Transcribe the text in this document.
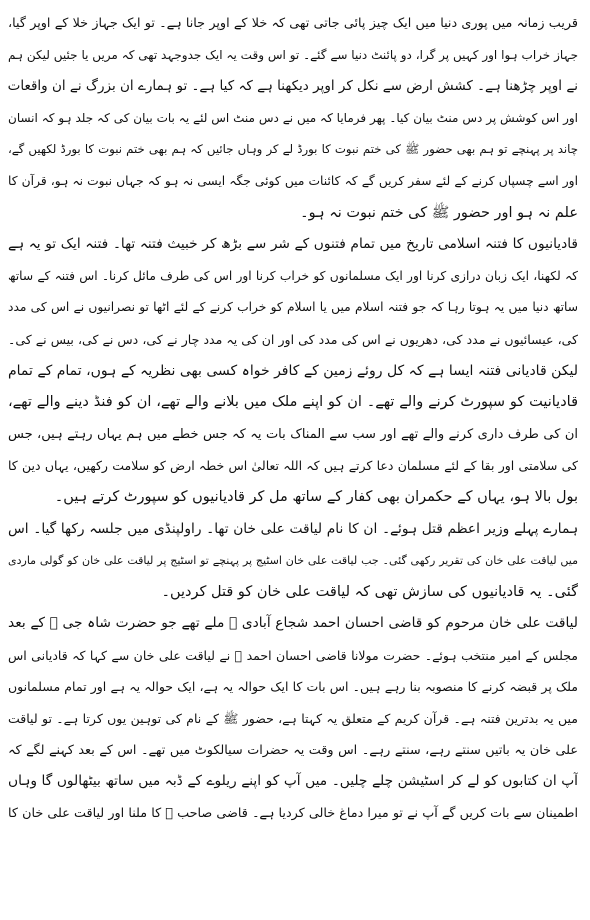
قریب زمانہ میں پوری دنیا میں ایک چیز پائی جاتی تھی کہ خلا کے اوپر جانا ہے۔ تو ایک جہاز خلا کے اوپر گیا،
جہاز خراب ہوا اور کہیں پر گرا، دو پائنٹ دنیا سے گئے۔ تو اس وقت یہ ایک جدوجہد تھی کہ مریں یا جئیں لیکن ہم
نے اوپر چڑھنا ہے۔ کشش ارض سے نکل کر اوپر دیکھنا ہے کہ کیا ہے۔ تو ہمارے ان بزرگ نے ان واقعات
اور اس کوشش پر دس منٹ بیان کیا۔ پھر فرمایا کہ میں نے دس منٹ اس لئے یہ بات بیان کی کہ جلد ہو کہ انسان
چاند پر پہنچے تو ہم بھی حضور ﷺ کی ختم نبوت کا بورڈ لے کر وہاں جائیں کہ ہم بھی ختم نبوت کا بورڈ لکھیں گے،
اور اسے چسپاں کرنے کے لئے سفر کریں گے کہ کائنات میں کوئی جگہ ایسی نہ ہو کہ جہاں نبوت نہ ہو، قرآن کا
علم نہ ہو اور حضور ﷺ کی ختم نبوت نہ ہو۔
قادیانیوں کا فتنہ اسلامی تاریخ میں تمام فتنوں کے شر سے بڑھ کر خبیث فتنہ تھا۔ فتنہ ایک تو یہ ہے
کہ لکھنا، ایک زبان درازی کرنا اور ایک مسلمانوں کو خراب کرنا اور اس کی طرف مائل کرنا۔ اس فتنہ کے ساتھ
ساتھ دنیا میں یہ ہوتا رہا کہ جو فتنہ اسلام میں یا اسلام کو خراب کرنے کے لئے اٹھا تو نصرانیوں نے اس کی مدد
کی، عیسائیوں نے مدد کی، دھریوں نے اس کی مدد کی اور ان کی یہ مدد چار نے کی، دس نے کی، بیس نے کی۔
لیکن قادیانی فتنہ ایسا ہے کہ کل روئے زمین کے کافر خواہ کسی بھی نظریہ کے ہوں، تمام کے تمام
قادیانیت کو سپورٹ کرنے والے تھے۔ ان کو اپنے ملک میں بلانے والے تھے، ان کو فنڈ دینے والے تھے،
ان کی طرف داری کرنے والے تھے اور سب سے المناک بات یہ کہ جس خطے میں ہم یہاں رہتے ہیں، جس
کی سلامتی اور بقا کے لئے مسلمان دعا کرتے ہیں کہ اللہ تعالیٰ اس خطہ ارض کو سلامت رکھیں، یہاں دین کا
بول بالا ہو، یہاں کے حکمران بھی کفار کے ساتھ مل کر قادیانیوں کو سپورٹ کرتے ہیں۔
ہمارے پہلے وزیر اعظم قتل ہوئے۔ ان کا نام لیاقت علی خان تھا۔ راولپنڈی میں جلسہ رکھا گیا۔ اس
میں لیاقت علی خان کی تقریر رکھی گئی۔ جب لیاقت علی خان اسٹیج پر پہنچے تو اسٹیج پر لیاقت علی خان کو گولی ماردی
گئی۔ یہ قادیانیوں کی سازش تھی کہ لیاقت علی خان کو قتل کردیں۔
لیاقت علی خان مرحوم کو قاضی احسان احمد شجاع آبادی ﷫ ملے تھے جو حضرت شاہ جی ﷫ کے بعد
مجلس کے امیر منتخب ہوئے۔ حضرت مولانا قاضی احسان احمد ﷫ نے لیاقت علی خان سے کہا کہ قادیانی اس
ملک پر قبضہ کرنے کا منصوبہ بنا رہے ہیں۔ اس بات کا ایک حوالہ یہ ہے، ایک حوالہ یہ ہے اور تمام مسلمانوں
میں یہ بدترین فتنہ ہے۔ قرآن کریم کے متعلق یہ کہتا ہے، حضور ﷺ کے نام کی توہین یوں کرتا ہے۔ تو لیاقت
علی خان یہ باتیں سنتے رہے، سنتے رہے۔ اس وقت یہ حضرات سیالکوٹ میں تھے۔ اس کے بعد کہنے لگے کہ
آپ ان کتابوں کو لے کر اسٹیشن چلے چلیں۔ میں آپ کو اپنے ریلوے کے ڈبہ میں ساتھ بیٹھالوں گا وہاں
اطمینان سے بات کریں گے آپ نے تو میرا دماغ خالی کردیا ہے۔ قاضی صاحب ﷫ کا ملنا اور لیاقت علی خان کا
